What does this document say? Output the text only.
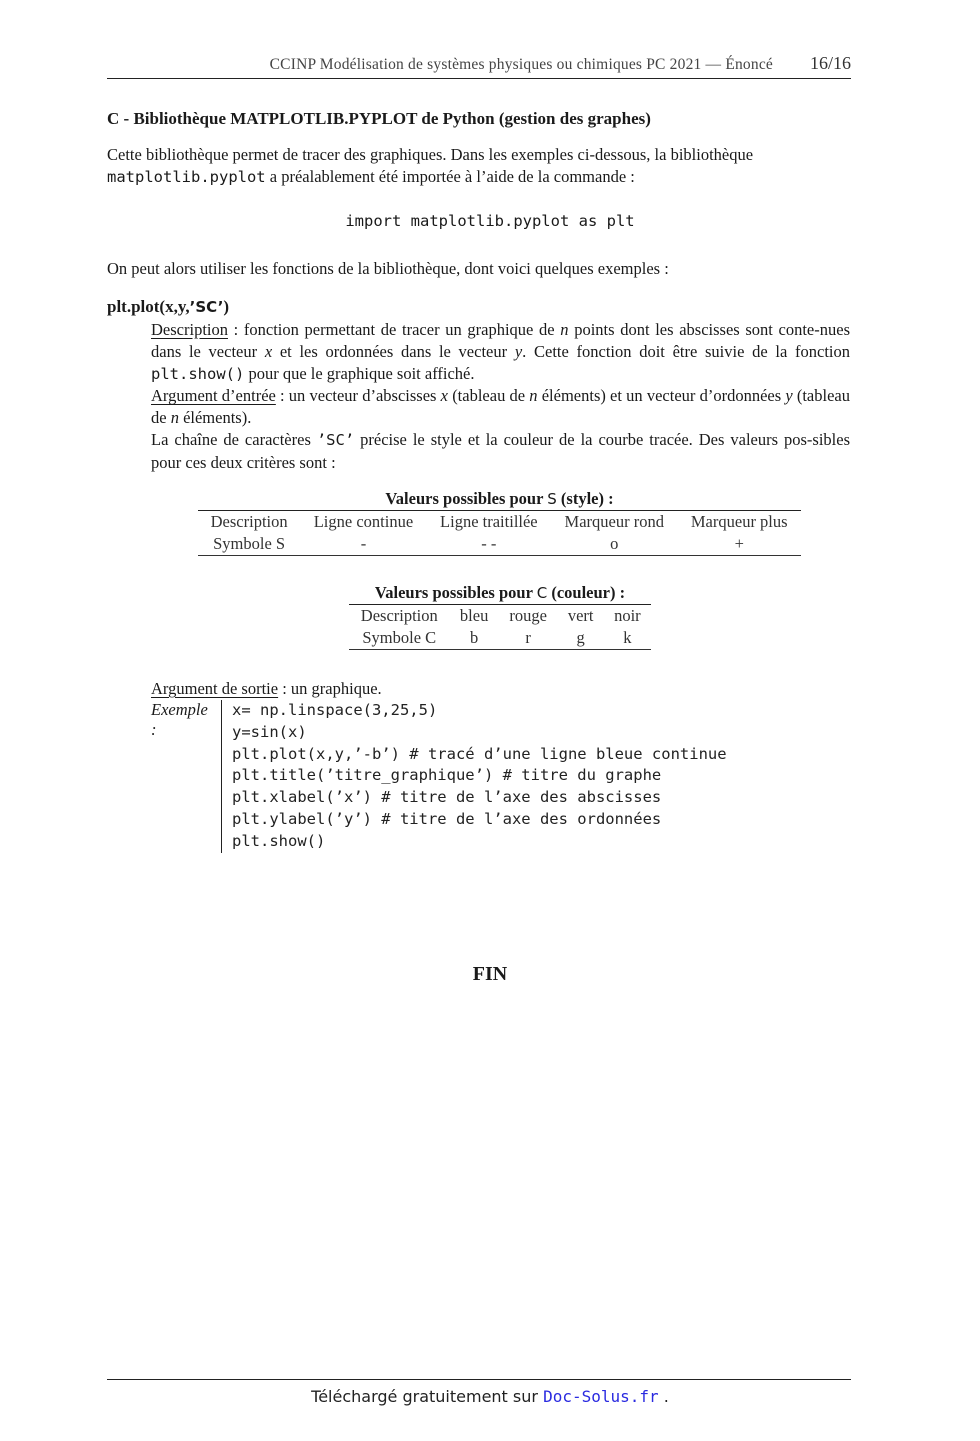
CCINP Modélisation de systèmes physiques ou chimiques PC 2021 — Énoncé 16/16
C - Bibliothèque MATPLOTLIB.PYPLOT de Python (gestion des graphes)
Cette bibliothèque permet de tracer des graphiques. Dans les exemples ci-dessous, la bibliothèque
matplotlib.pyplot a préalablement été importée à l’aide de la commande :
import matplotlib.pyplot as plt
On peut alors utiliser les fonctions de la bibliothèque, dont voici quelques exemples :
plt.plot(x,y,’SC’)
Description : fonction permettant de tracer un graphique de n points dont les abscisses sont conte-nues dans le vecteur x et les ordonnées dans le vecteur y. Cette fonction doit être suivie de la fonction plt.show() pour que le graphique soit affiché.
Argument d’entrée : un vecteur d’abscisses x (tableau de n éléments) et un vecteur d’ordonnées y (tableau de n éléments).
La chaîne de caractères ’SC’ précise le style et la couleur de la courbe tracée. Des valeurs pos-sibles pour ces deux critères sont :
Valeurs possibles pour S (style) :
Description	Ligne continue	Ligne traitillée	Marqueur rond	Marqueur plus
Symbole S	-	- -	o	+
Valeurs possibles pour C (couleur) :
Description	bleu	rouge	vert	noir
Symbole C	b	r	g	k
Argument de sortie : un graphique.
Exemple :
x= np.linspace(3,25,5)
y=sin(x)
plt.plot(x,y,’-b’) # tracé d’une ligne bleue continue
plt.title(’titre_graphique’) # titre du graphe
plt.xlabel(’x’) # titre de l’axe des abscisses
plt.ylabel(’y’) # titre de l’axe des ordonnées
plt.show()
FIN
Téléchargé gratuitement sur Doc-Solus.fr .
